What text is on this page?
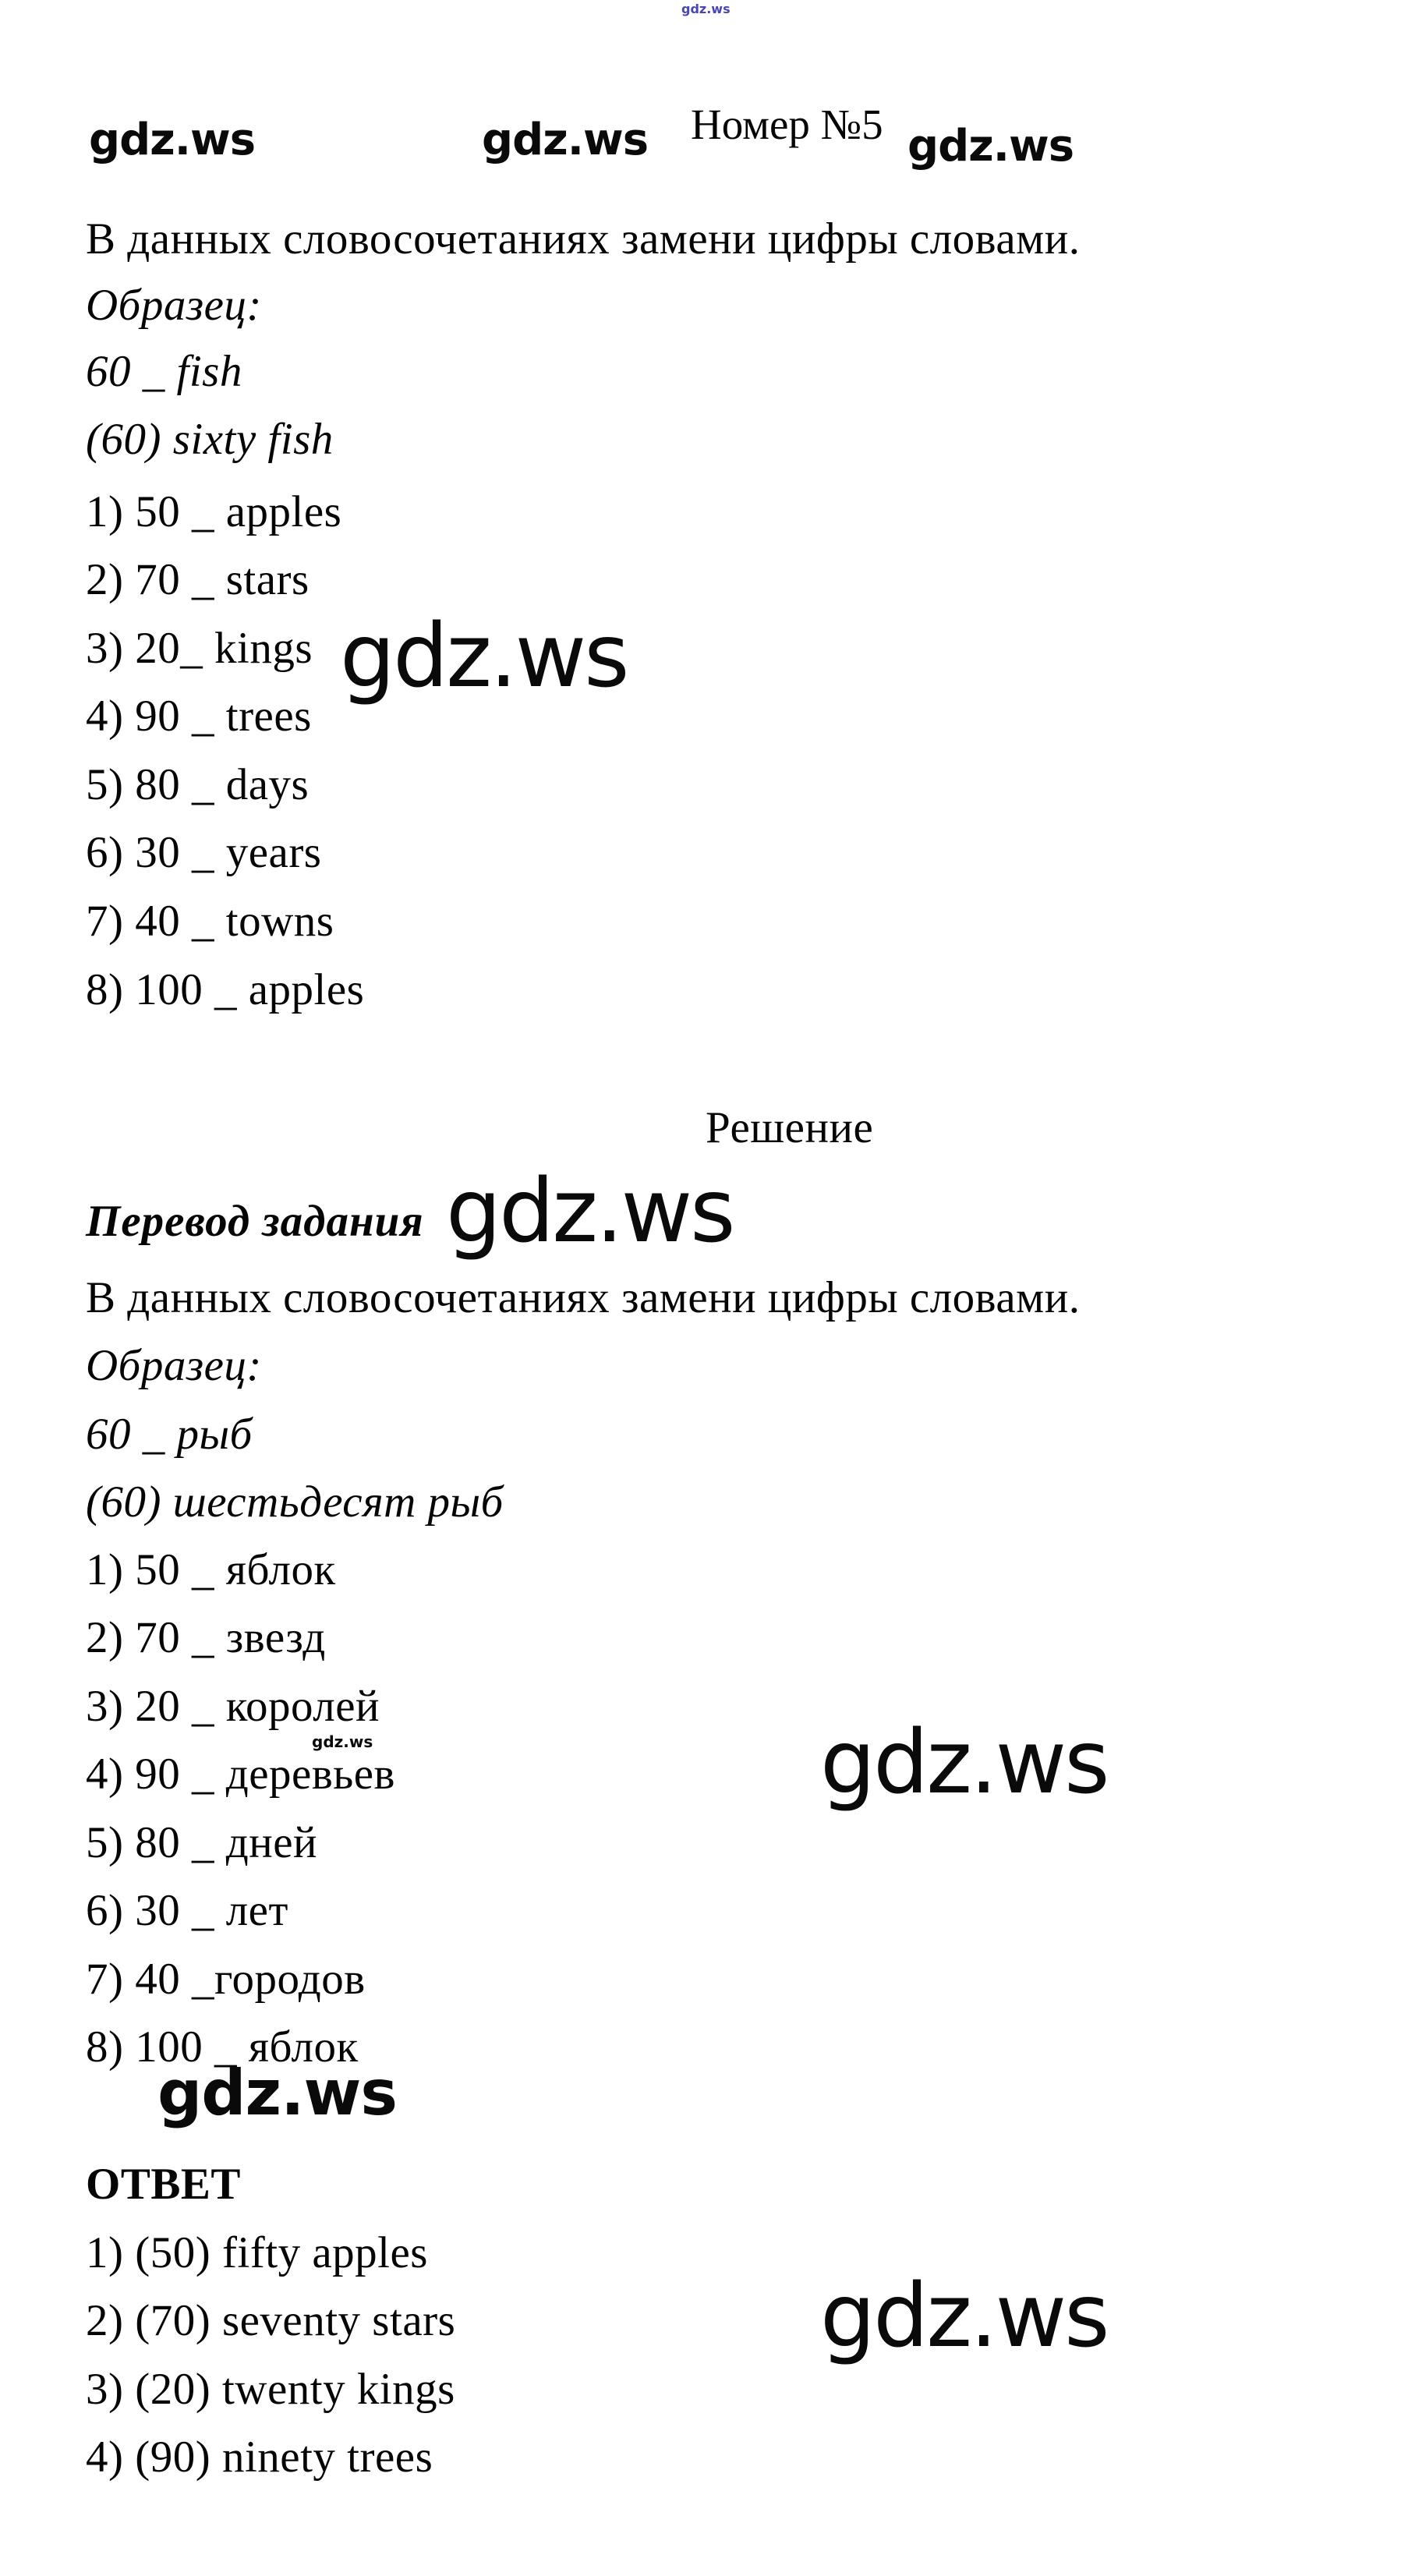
gdz.ws
gdz.ws	gdz.ws Номер №5 gdz.ws
В данных словосочетаниях замени цифры словами.
Образец:
60 _ fish
(60) sixty fish
1) 50 _ apples
2) 70 _ stars
3) 20_ kings
4) 90 _ trees
5) 80 _ days
6) 30 _ years
7) 40 _ towns
8) 100 _ apples
gdz.ws
Решение
Перевод задания gdz.ws
В данных словосочетаниях замени цифры словами.
Образец:
60 _ рыб
(60) шестьдесят рыб
1) 50 _ яблок
2) 70 _ звезд
3) 20 _ королей
4) 90 _ деревьев
5) 80 _ дней
6) 30 _ лет
7) 40 _городов
8) 100 _ яблок
gdz.ws	gdz.ws
gdz.ws
ОТВЕТ
1) (50) fifty apples
2) (70) seventy stars
3) (20) twenty kings
4) (90) ninety trees
gdz.ws
